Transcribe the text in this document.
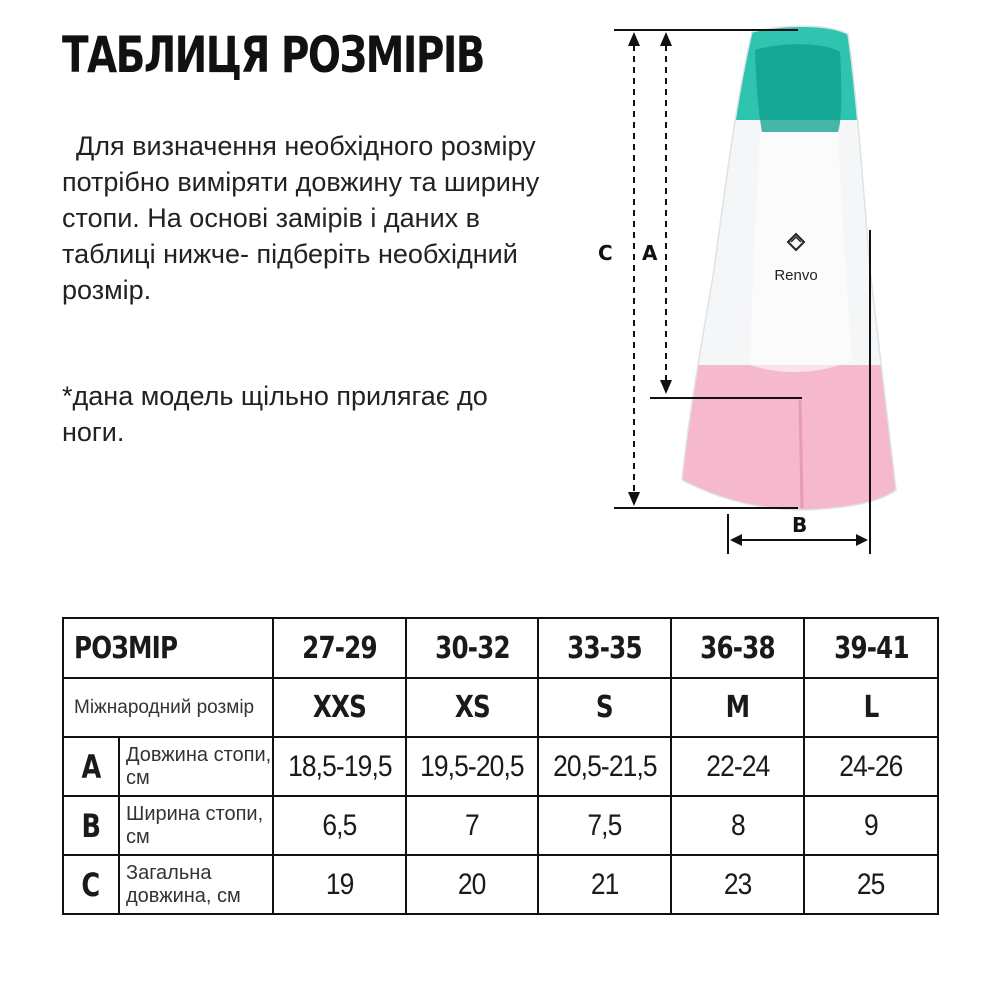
ТАБЛИЦЯ РОЗМІРІВ

Для визначення необхідного розміру потрібно виміряти довжину та ширину стопи. На основі замірів і даних в таблиці нижче- підберіть необхідний розмір.

*дана модель щільно прилягає до ноги.

Renvo
C A
B
РОЗМІР		27-29	30-32	33-35	36-38	39-41
Міжнародний розмір		XXS	XS	S	M	L
A	Довжина стопи, см	18,5-19,5	19,5-20,5	20,5-21,5	22-24	24-26
B	Ширина стопи, см	6,5	7	7,5	8	9
C	Загальна довжина, см	19	20	21	23	25
